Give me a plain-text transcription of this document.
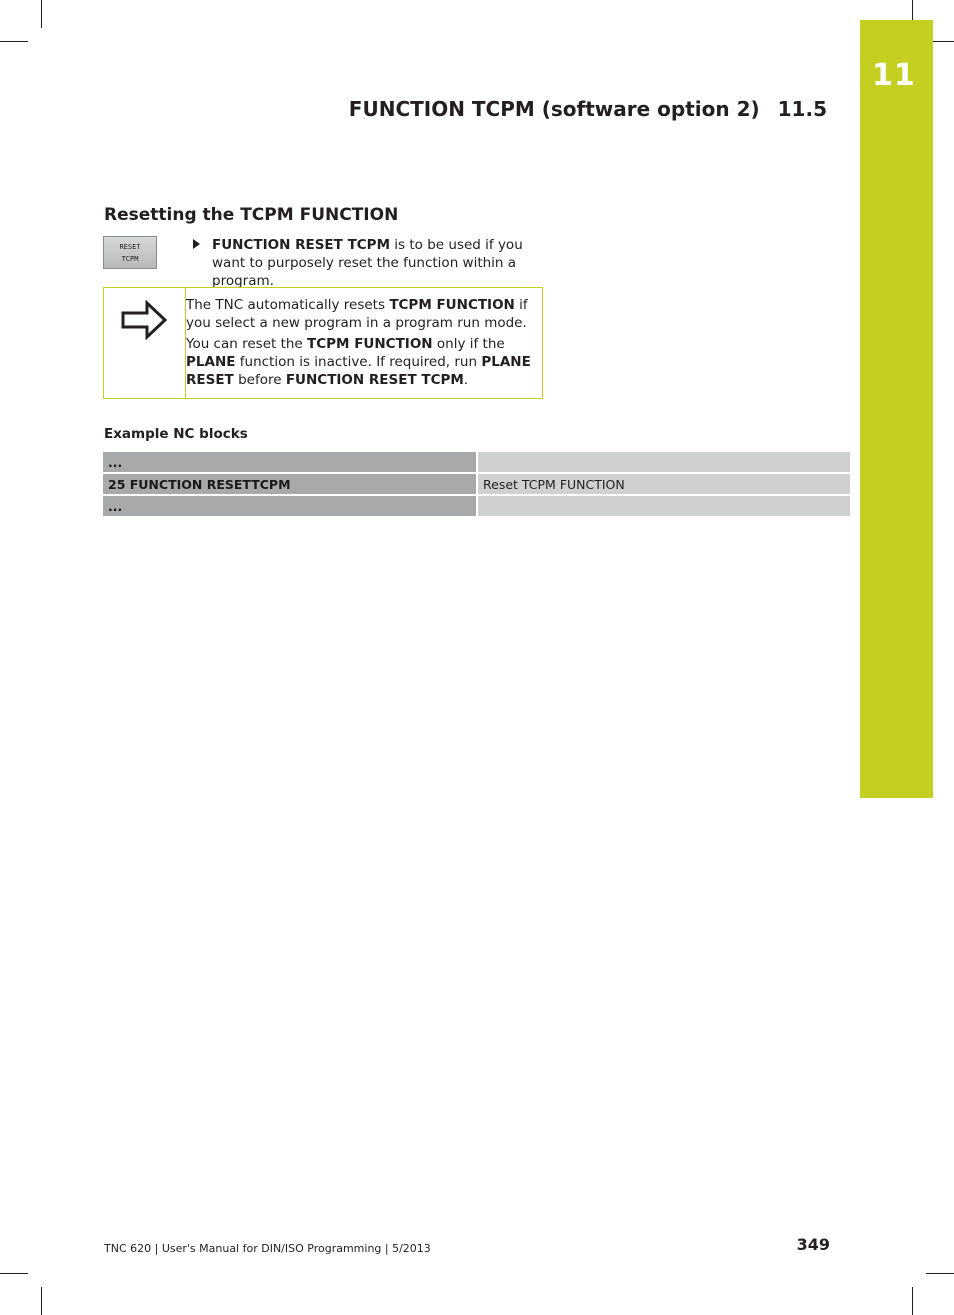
11
FUNCTION TCPM (software option 2) 11.5
Resetting the TCPM FUNCTION
RESET
TCPM
FUNCTION RESET TCPM is to be used if you want to purposely reset the function within a program.

The TNC automatically resets TCPM FUNCTION if you select a new program in a program run mode.

You can reset the TCPM FUNCTION only if the PLANE function is inactive. If required, run PLANE RESET before FUNCTION RESET TCPM.

Example NC blocks
...		
25 FUNCTION RESETTCPM		Reset TCPM FUNCTION
...		
TNC 620 | User's Manual for DIN/ISO Programming | 5/2013	349
